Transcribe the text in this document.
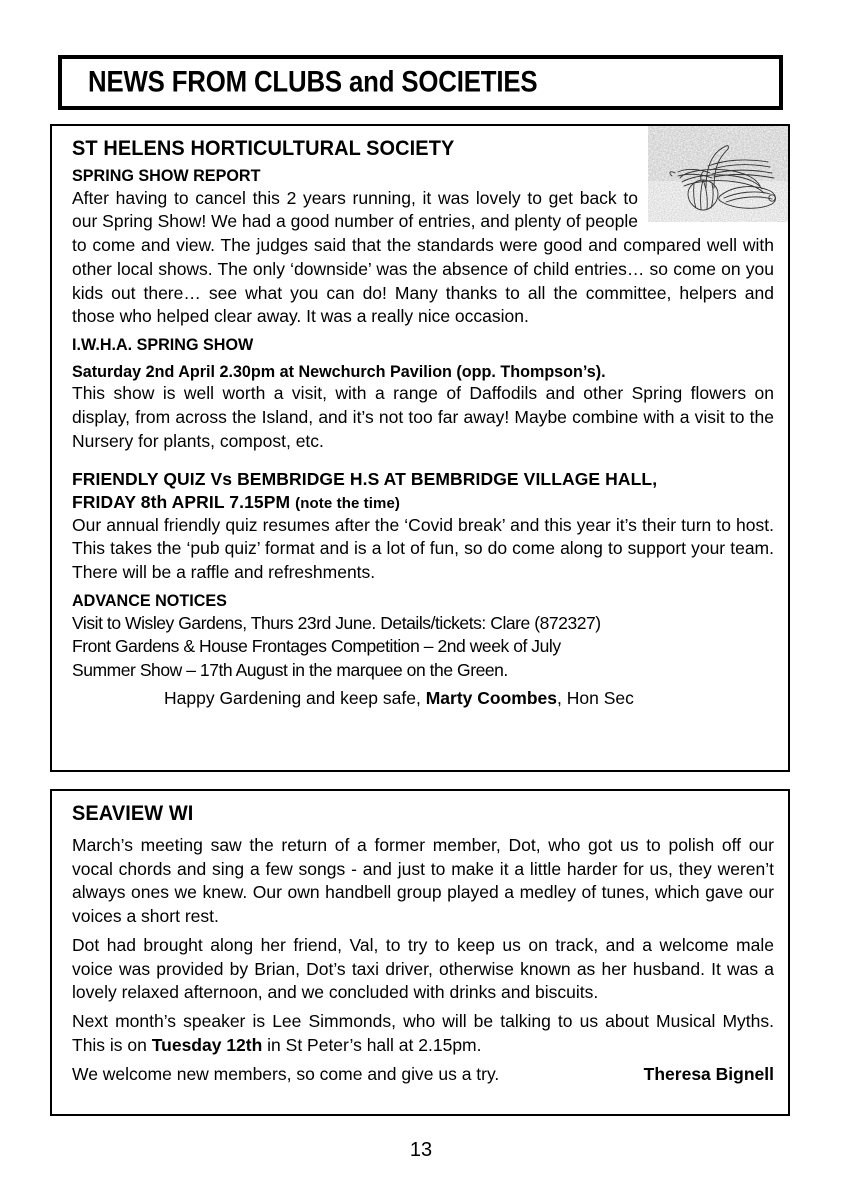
NEWS FROM CLUBS and SOCIETIES
ST HELENS HORTICULTURAL SOCIETY
SPRING SHOW REPORT

After having to cancel this 2 years running, it was lovely to get back to our Spring Show! We had a good number of entries, and plenty of people to come and view. The judges said that the standards were good and compared well with other local shows. The only ‘downside’ was the absence of child entries… so come on you kids out there… see what you can do! Many thanks to all the committee, helpers and those who helped clear away. It was a really nice occasion.

I.W.H.A. SPRING SHOW
Saturday 2nd April 2.30pm at Newchurch Pavilion (opp. Thompson’s).

This show is well worth a visit, with a range of Daffodils and other Spring flowers on display, from across the Island, and it’s not too far away! Maybe combine with a visit to the Nursery for plants, compost, etc.

FRIENDLY QUIZ Vs BEMBRIDGE H.S AT BEMBRIDGE VILLAGE HALL,
FRIDAY 8th APRIL 7.15PM (note the time)

Our annual friendly quiz resumes after the ‘Covid break’ and this year it’s their turn to host. This takes the ‘pub quiz’ format and is a lot of fun, so do come along to support your team. There will be a raffle and refreshments.

ADVANCE NOTICES

Visit to Wisley Gardens, Thurs 23rd June. Details/tickets: Clare (872327)

Front Gardens & House Frontages Competition – 2nd week of July

Summer Show – 17th August in the marquee on the Green.

Happy Gardening and keep safe, Marty Coombes, Hon Sec
SEAVIEW WI

March’s meeting saw the return of a former member, Dot, who got us to polish off our vocal chords and sing a few songs - and just to make it a little harder for us, they weren’t always ones we knew. Our own handbell group played a medley of tunes, which gave our voices a short rest.

Dot had brought along her friend, Val, to try to keep us on track, and a welcome male voice was provided by Brian, Dot’s taxi driver, otherwise known as her husband. It was a lovely relaxed afternoon, and we concluded with drinks and biscuits.

Next month’s speaker is Lee Simmonds, who will be talking to us about Musical Myths. This is on Tuesday 12th in St Peter’s hall at 2.15pm.

We welcome new members, so come and give us a try.	Theresa Bignell
13
